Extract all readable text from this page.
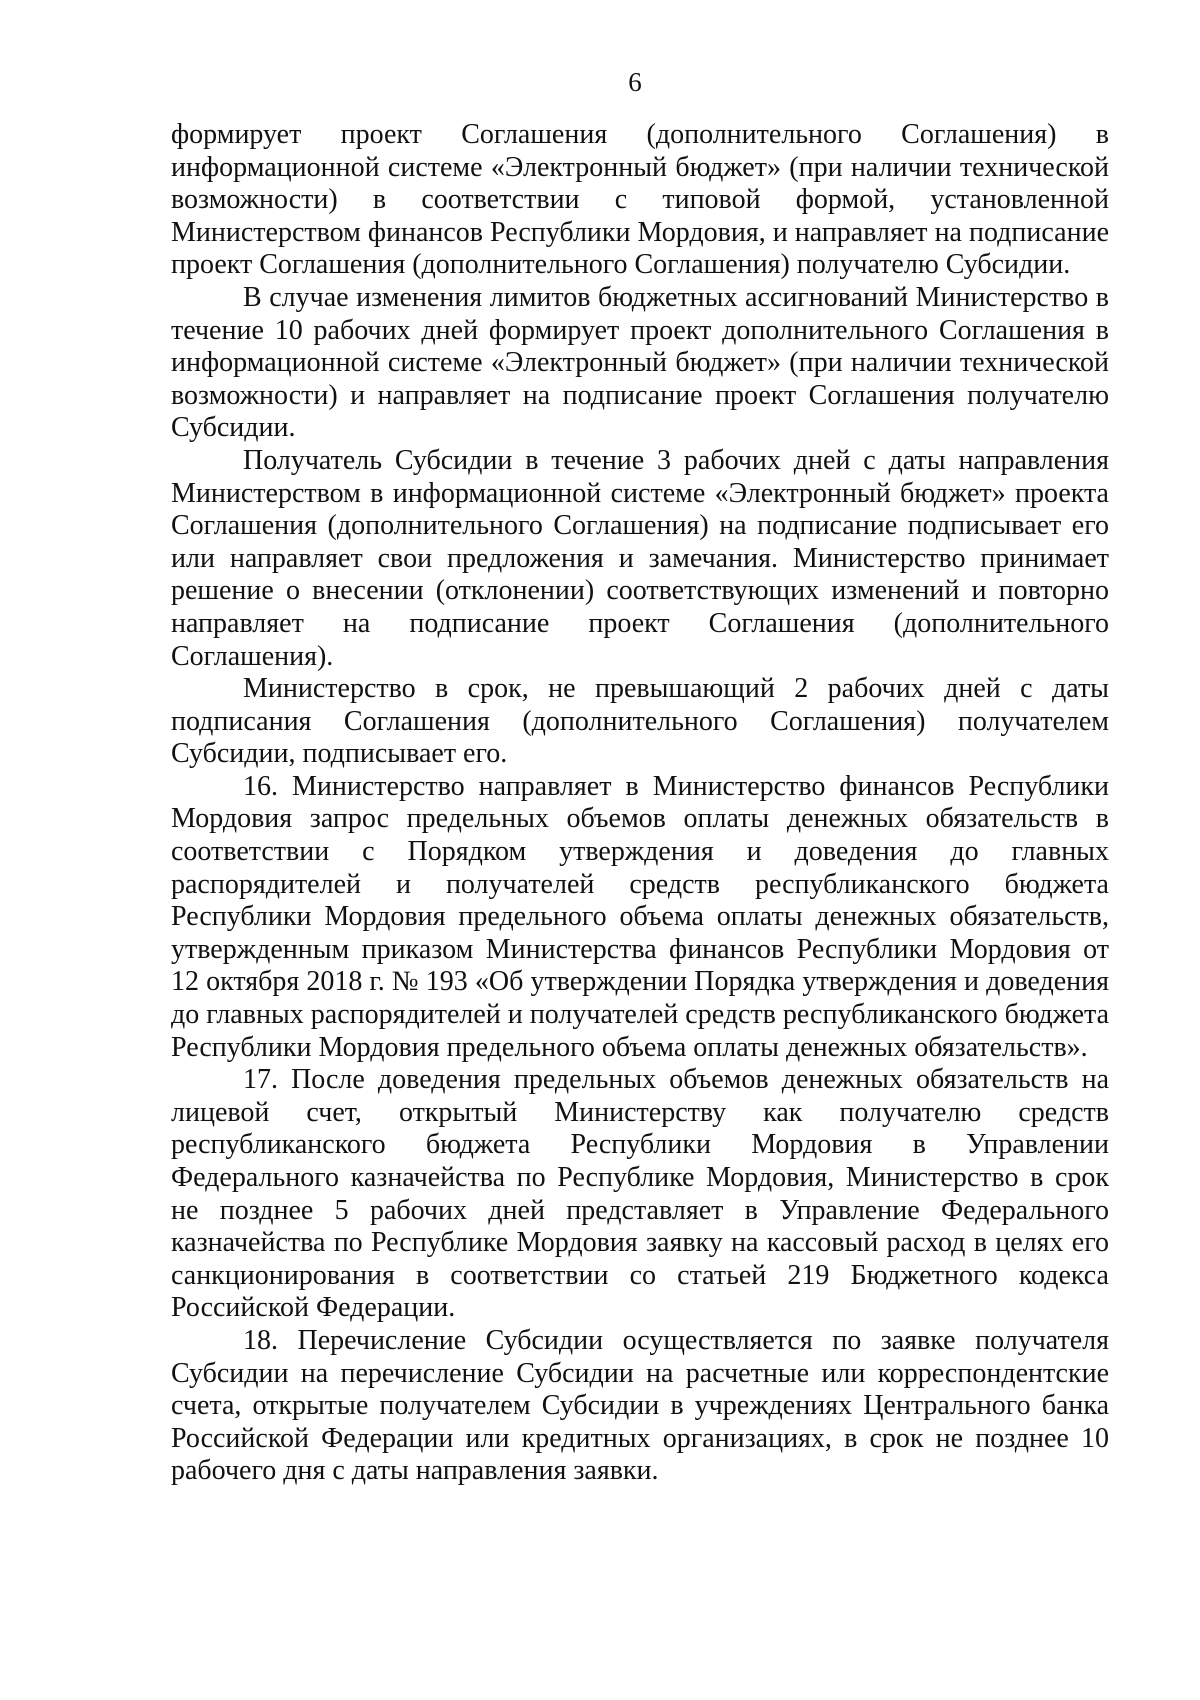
6

формирует проект Соглашения (дополнительного Соглашения) в информационной системе «Электронный бюджет» (при наличии технической возможности) в соответствии с типовой формой, установленной Министерством финансов Республики Мордовия, и направляет на подписание проект Соглашения (дополнительного Соглашения) получателю Субсидии.

В случае изменения лимитов бюджетных ассигнований Министерство в течение 10 рабочих дней формирует проект дополнительного Соглашения в информационной системе «Электронный бюджет» (при наличии технической возможности) и направляет на подписание проект Соглашения получателю Субсидии.

Получатель Субсидии в течение 3 рабочих дней с даты направления Министерством в информационной системе «Электронный бюджет» проекта Соглашения (дополнительного Соглашения) на подписание подписывает его или направляет свои предложения и замечания. Министерство принимает решение о внесении (отклонении) соответствующих изменений и повторно направляет на подписание проект Соглашения (дополнительного Соглашения).

Министерство в срок, не превышающий 2 рабочих дней с даты подписания Соглашения (дополнительного Соглашения) получателем Субсидии, подписывает его.

16. Министерство направляет в Министерство финансов Республики Мордовия запрос предельных объемов оплаты денежных обязательств в соответствии с Порядком утверждения и доведения до главных распорядителей и получателей средств республиканского бюджета Республики Мордовия предельного объема оплаты денежных обязательств, утвержденным приказом Министерства финансов Республики Мордовия от 12 октября 2018 г. № 193 «Об утверждении Порядка утверждения и доведения до главных распорядителей и получателей средств республиканского бюджета Республики Мордовия предельного объема оплаты денежных обязательств».

17. После доведения предельных объемов денежных обязательств на лицевой счет, открытый Министерству как получателю средств республиканского бюджета Республики Мордовия в Управлении Федерального казначейства по Республике Мордовия, Министерство в срок не позднее 5 рабочих дней представляет в Управление Федерального казначейства по Республике Мордовия заявку на кассовый расход в целях его санкционирования в соответствии со статьей 219 Бюджетного кодекса Российской Федерации.

18. Перечисление Субсидии осуществляется по заявке получателя Субсидии на перечисление Субсидии на расчетные или корреспондентские счета, открытые получателем Субсидии в учреждениях Центрального банка Российской Федерации или кредитных организациях, в срок не позднее 10 рабочего дня с даты направления заявки.
